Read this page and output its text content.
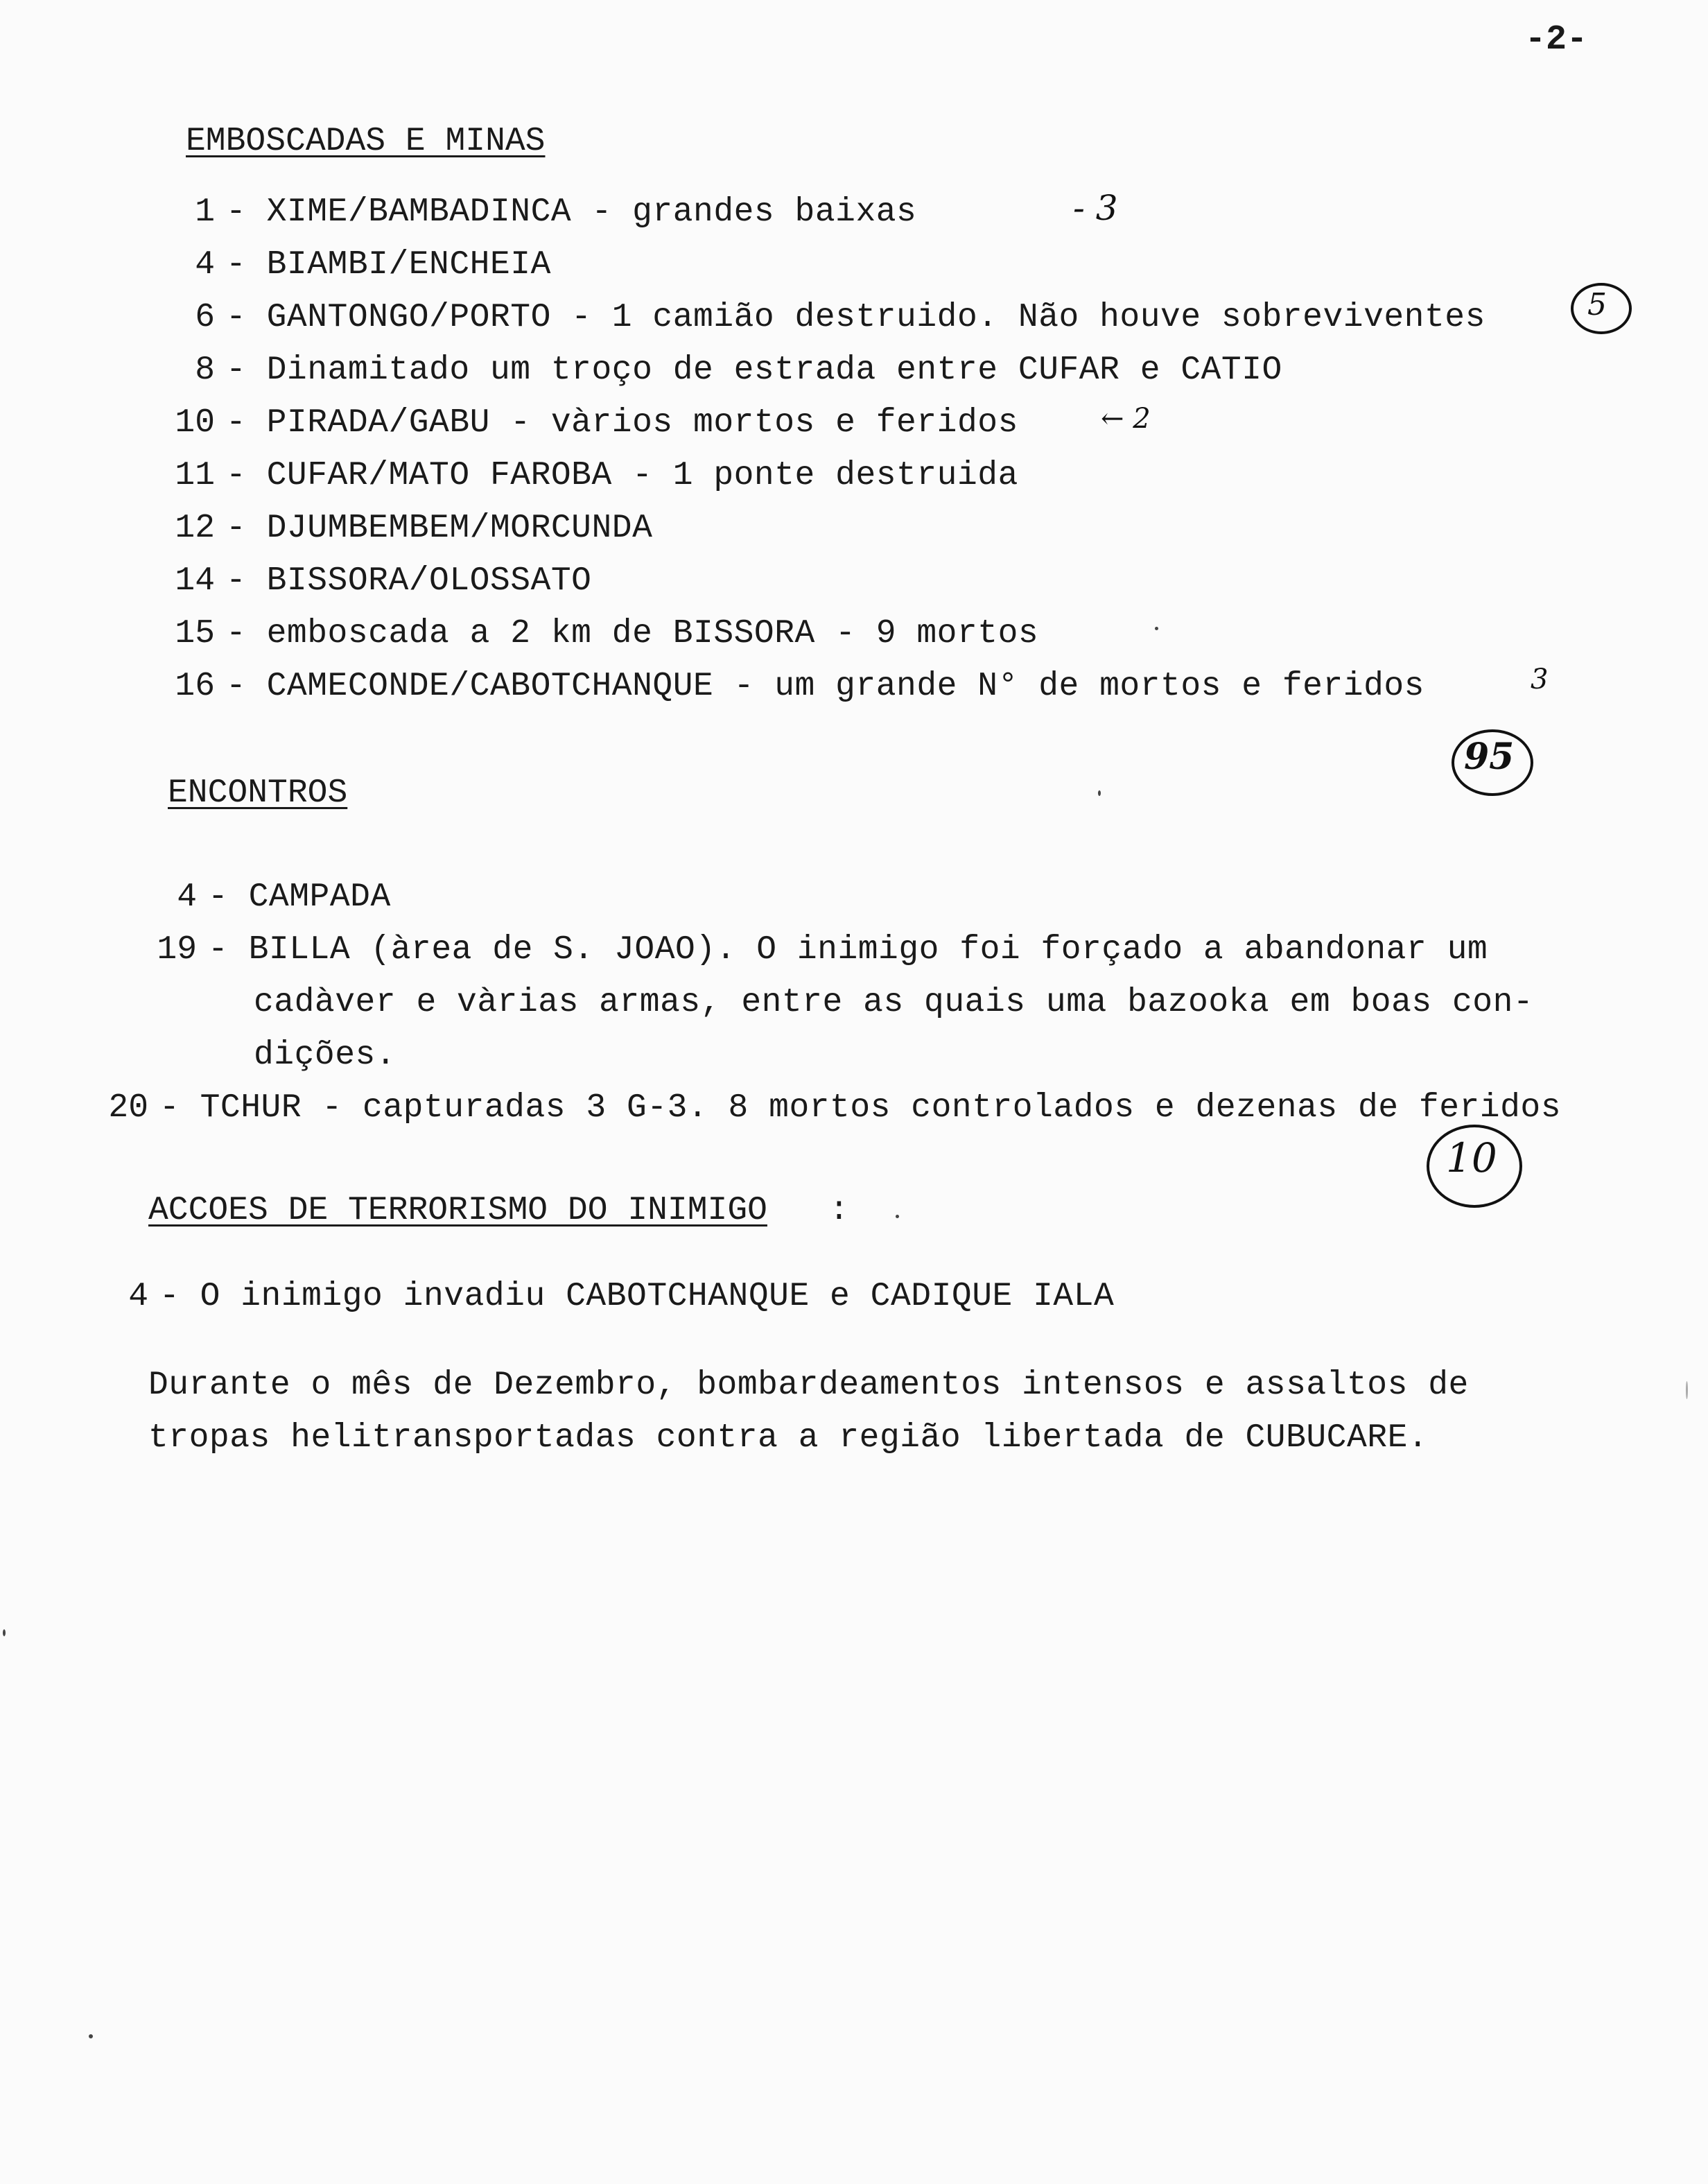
-2-
EMBOSCADAS E MINAS
1 - XIME/BAMBADINCA - grandes baixas
4 - BIAMBI/ENCHEIA
6 - GANTONGO/PORTO - 1 camião destruido. Não houve sobreviventes
8 - Dinamitado um troço de estrada entre CUFAR e CATIO
10 - PIRADA/GABU - vàrios mortos e feridos
11 - CUFAR/MATO FAROBA - 1 ponte destruida
12 - DJUMBEMBEM/MORCUNDA
14 - BISSORA/OLOSSATO
15 - emboscada a 2 km de BISSORA - 9 mortos
16 - CAMECONDE/CABOTCHANQUE - um grande N° de mortos e feridos
ENCONTROS
4 - CAMPADA
19 - BILLA (àrea de S. JOAO). O inimigo foi forçado a abandonar um
cadàver e vàrias armas, entre as quais uma bazooka em boas con-
dições.
20 - TCHUR - capturadas 3 G-3. 8 mortos controlados e dezenas de feridos
ACCOES DE TERRORISMO DO INIMIGO :
4 - O inimigo invadiu CABOTCHANQUE e CADIQUE IALA
Durante o mês de Dezembro, bombardeamentos intensos e assaltos de
tropas helitransportadas contra a região libertada de CUBUCARE.
- 3
← 2
3
5
95
10
